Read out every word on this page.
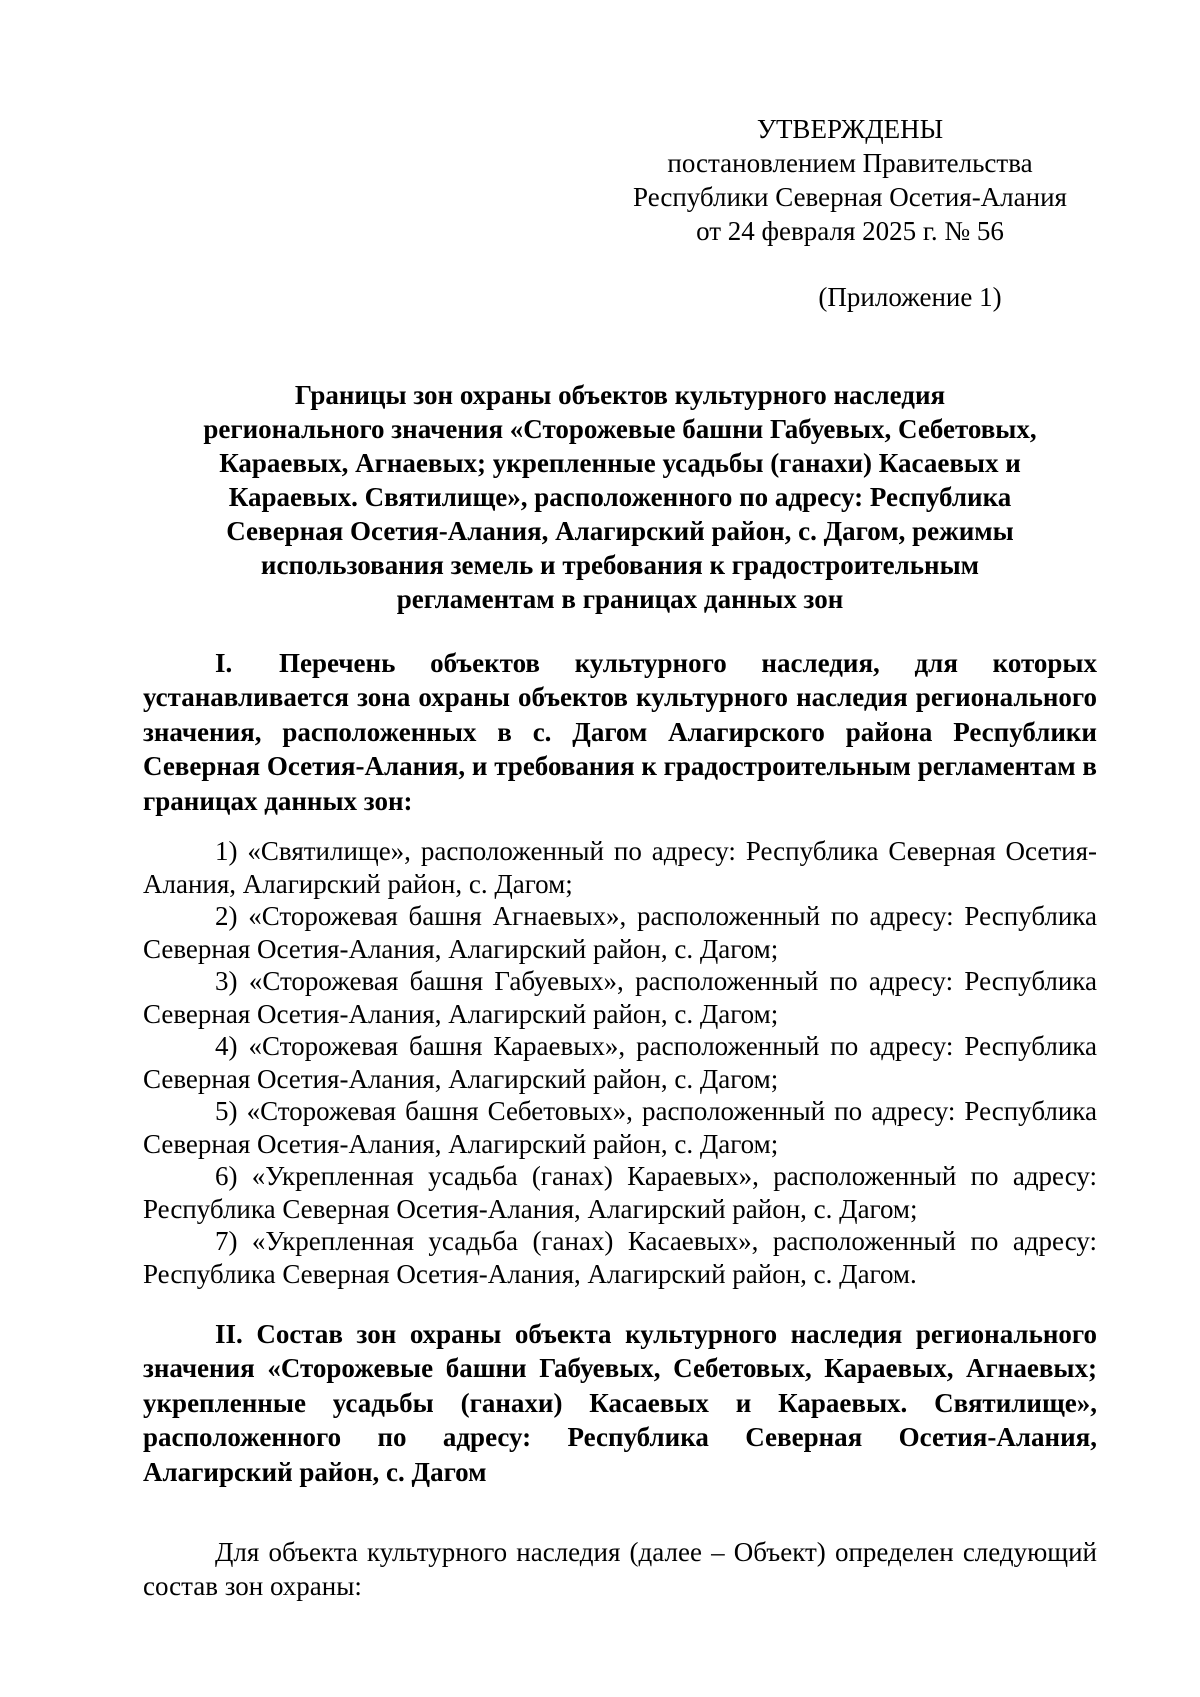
УТВЕРЖДЕНЫ
постановлением Правительства
Республики Северная Осетия-Алания
от 24 февраля 2025 г. № 56
(Приложение 1)
Границы зон охраны объектов культурного наследия
регионального значения «Сторожевые башни Габуевых, Себетовых,
Караевых, Агнаевых; укрепленные усадьбы (ганахи) Касаевых и
Караевых. Святилище», расположенного по адресу: Республика
Северная Осетия-Алания, Алагирский район, с. Дагом, режимы
использования земель и требования к градостроительным
регламентам в границах данных зон
I. Перечень объектов культурного наследия, для которых устанавливается зона охраны объектов культурного наследия регионального значения, расположенных в с. Дагом Алагирского района Республики Северная Осетия-Алания, и требования к градостроительным регламентам в границах данных зон:
1) «Святилище», расположенный по адресу: Республика Северная Осетия-Алания, Алагирский район, с. Дагом;
2) «Сторожевая башня Агнаевых», расположенный по адресу: Республика Северная Осетия-Алания, Алагирский район, с. Дагом;
3) «Сторожевая башня Габуевых», расположенный по адресу: Республика Северная Осетия-Алания, Алагирский район, с. Дагом;
4) «Сторожевая башня Караевых», расположенный по адресу: Республика Северная Осетия-Алания, Алагирский район, с. Дагом;
5) «Сторожевая башня Себетовых», расположенный по адресу: Республика Северная Осетия-Алания, Алагирский район, с. Дагом;
6) «Укрепленная усадьба (ганах) Караевых», расположенный по адресу: Республика Северная Осетия-Алания, Алагирский район, с. Дагом;
7) «Укрепленная усадьба (ганах) Касаевых», расположенный по адресу: Республика Северная Осетия-Алания, Алагирский район, с. Дагом.
II. Состав зон охраны объекта культурного наследия регионального значения «Сторожевые башни Габуевых, Себетовых, Караевых, Агнаевых; укрепленные усадьбы (ганахи) Касаевых и Караевых. Святилище», расположенного по адресу: Республика Северная Осетия-Алания, Алагирский район, с. Дагом
Для объекта культурного наследия (далее – Объект) определен следующий состав зон охраны:
